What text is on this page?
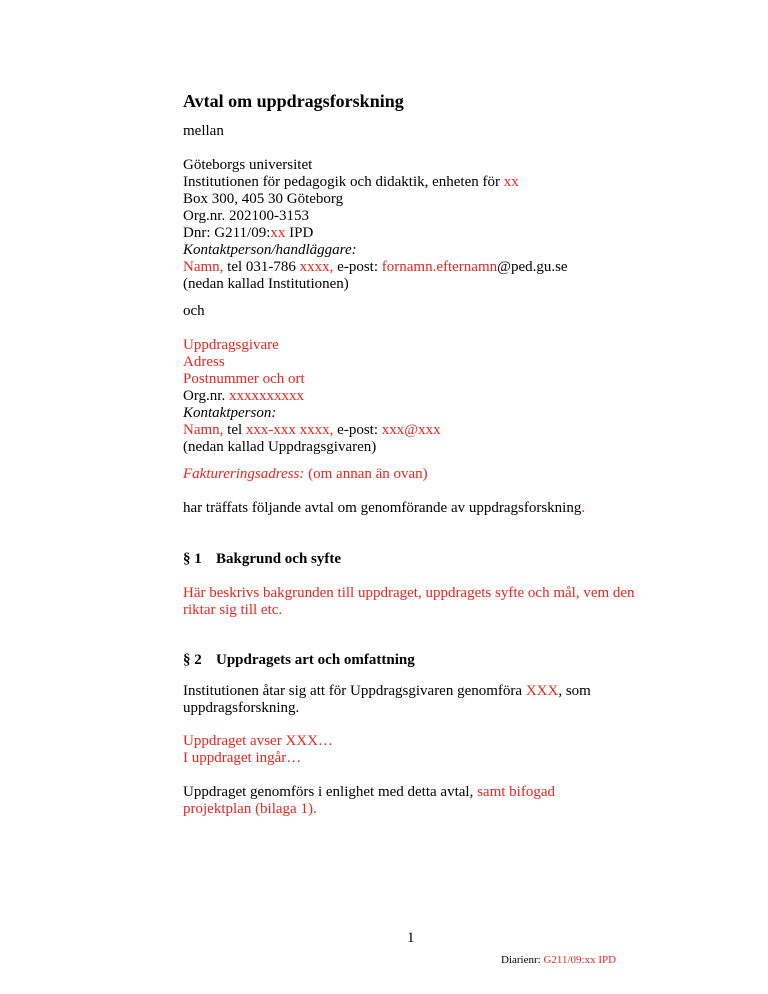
Avtal om uppdragsforskning
mellan
Göteborgs universitet
Institutionen för pedagogik och didaktik, enheten för xx
Box 300, 405 30 Göteborg
Org.nr. 202100-3153
Dnr: G211/09:xx IPD
Kontaktperson/handläggare:
Namn, tel 031-786 xxxx, e-post: fornamn.efternamn@ped.gu.se
(nedan kallad Institutionen)
och
Uppdragsgivare
Adress
Postnummer och ort
Org.nr. xxxxxxxxxx
Kontaktperson:
Namn, tel xxx-xxx xxxx, e-post: xxx@xxx
(nedan kallad Uppdragsgivaren)
Faktureringsadress: (om annan än ovan)
har träffats följande avtal om genomförande av uppdragsforskning.
§ 1 Bakgrund och syfte
Här beskrivs bakgrunden till uppdraget, uppdragets syfte och mål, vem den riktar sig till etc.
§ 2 Uppdragets art och omfattning
Institutionen åtar sig att för Uppdragsgivaren genomföra XXX, som uppdragsforskning.
Uppdraget avser XXX…
I uppdraget ingår…
Uppdraget genomförs i enlighet med detta avtal, samt bifogad projektplan (bilaga 1).
1
Diarienr: G211/09:xx IPD
